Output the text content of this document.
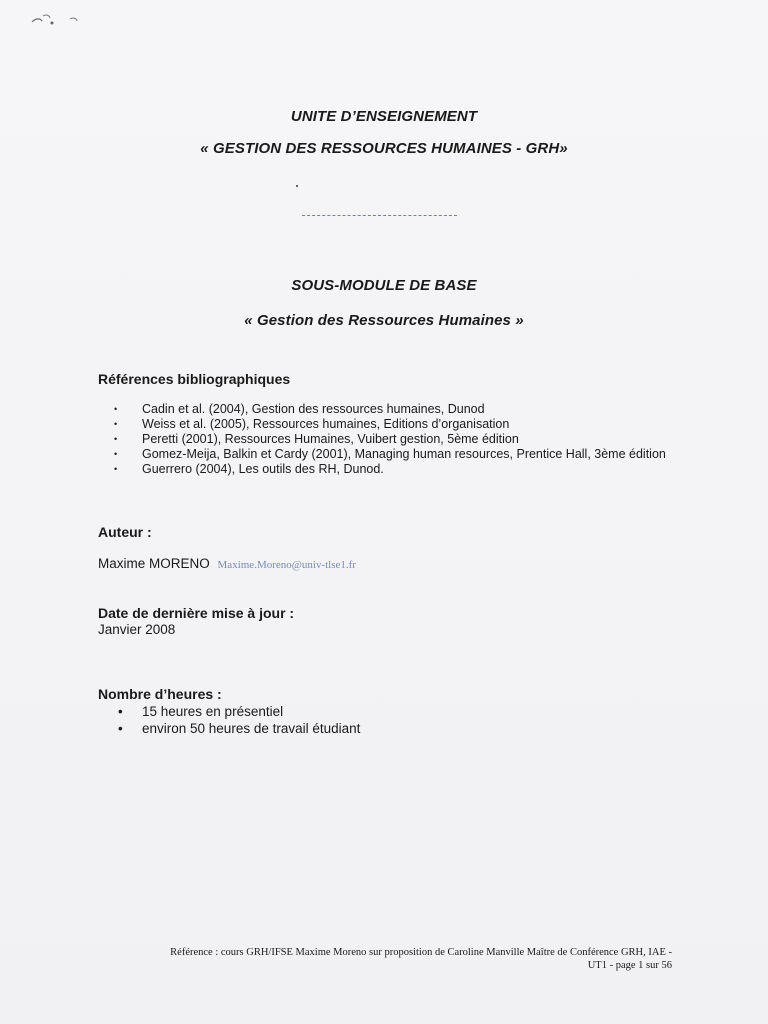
UNITE D’ENSEIGNEMENT
« GESTION DES RESSOURCES HUMAINES - GRH»
SOUS-MODULE DE BASE
« Gestion des Ressources Humaines »
Références bibliographiques
• Cadin et al. (2004), Gestion des ressources humaines, Dunod
• Weiss et al. (2005), Ressources humaines, Editions d’organisation
• Peretti (2001), Ressources Humaines, Vuibert gestion, 5ème édition
• Gomez-Meija, Balkin et Cardy (2001), Managing human resources, Prentice Hall, 3ème édition
• Guerrero (2004), Les outils des RH, Dunod.
Auteur :
Maxime MORENO Maxime.Moreno@univ-tlse1.fr
Date de dernière mise à jour :
Janvier 2008
Nombre d’heures :
• 15 heures en présentiel
• environ 50 heures de travail étudiant
Référence : cours GRH/IFSE Maxime Moreno sur proposition de Caroline Manville Maître de Conférence GRH, IAE -
UT1 - page 1 sur 56
